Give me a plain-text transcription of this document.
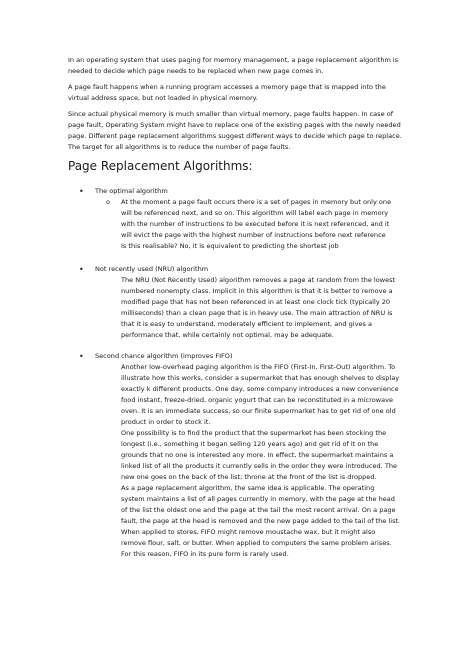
In an operating system that uses paging for memory management, a page replacement algorithm is
needed to decide which page needs to be replaced when new page comes in.
A page fault happens when a running program accesses a memory page that is mapped into the
virtual address space, but not loaded in physical memory.
Since actual physical memory is much smaller than virtual memory, page faults happen. In case of
page fault, Operating System might have to replace one of the existing pages with the newly needed
page. Different page replacement algorithms suggest different ways to decide which page to replace.
The target for all algorithms is to reduce the number of page faults.
Page Replacement Algorithms:
• The optimal algorithm
o At the moment a page fault occurs there is a set of pages in memory but only one
will be referenced next, and so on. This algorithm will label each page in memory
with the number of instructions to be executed before it is next referenced, and it
will evict the page with the highest number of instructions before next reference
Is this realisable? No, it is equivalent to predicting the shortest job
• Not recently used (NRU) algorithm
The NRU (Not Recently Used) algorithm removes a page at random from the lowest
numbered nonempty class. Implicit in this algorithm is that it is better to remove a
modified page that has not been referenced in at least one clock tick (typically 20
milliseconds) than a clean page that is in heavy use. The main attraction of NRU is
that it is easy to understand, moderately efficient to implement, and gives a
performance that, while certainly not optimal, may be adequate.
• Second chance algorithm (improves FIFO)
Another low-overhead paging algorithm is the FIFO (First-In, First-Out) algorithm. To
illustrate how this works, consider a supermarket that has enough shelves to display
exactly k different products. One day, some company introduces a new convenience
food instant, freeze-dried, organic yogurt that can be reconstituted in a microwave
oven. It is an immediate success, so our finite supermarket has to get rid of one old
product in order to stock it.
One possibility is to find the product that the supermarket has been stocking the
longest (i.e., something it began selling 120 years ago) and get rid of it on the
grounds that no one is interested any more. In effect, the supermarket maintains a
linked list of all the products it currently sells in the order they were introduced. The
new one goes on the back of the list; throne at the front of the list is dropped.
As a page replacement algorithm, the same idea is applicable. The operating
system maintains a list of all pages currently in memory, with the page at the head
of the list the oldest one and the page at the tail the most recent arrival. On a page
fault, the page at the head is removed and the new page added to the tail of the list.
When applied to stores, FIFO might remove moustache wax, but it might also
remove flour, salt, or butter. When applied to computers the same problem arises.
For this reason, FIFO in its pure form is rarely used.
